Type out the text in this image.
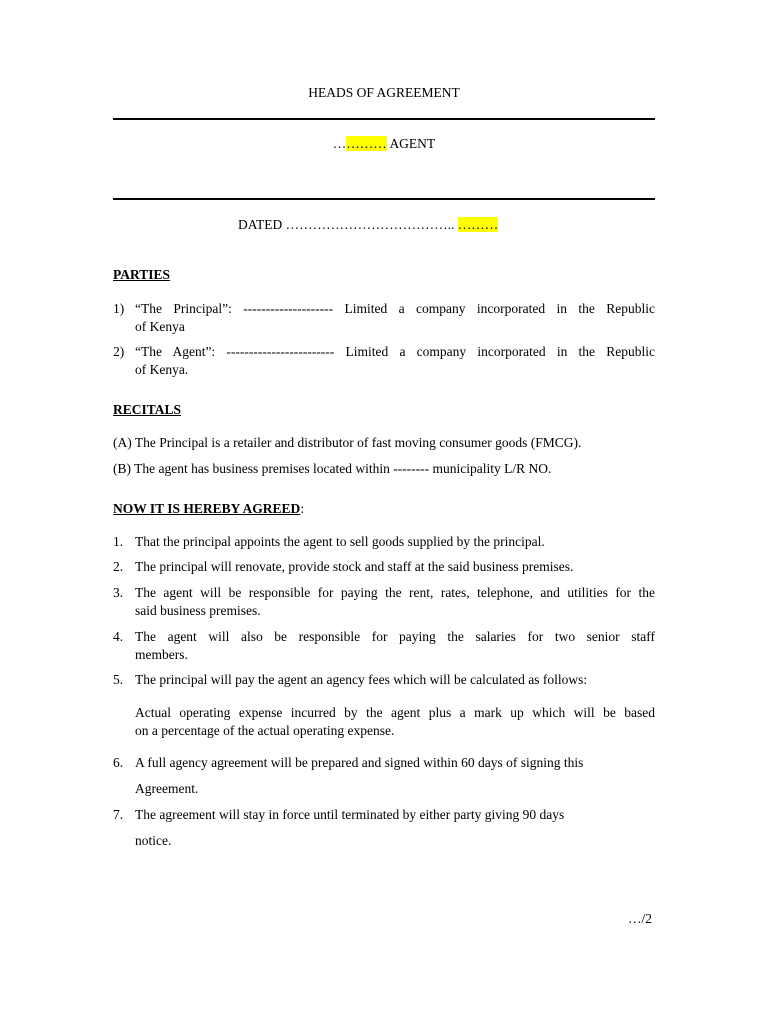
HEADS OF AGREEMENT
………… AGENT
DATED ……………………………….. ………
PARTIES
1) “The Principal”: -------------------- Limited a company incorporated in the Republic
of Kenya
2) “The Agent”: ------------------------ Limited a company incorporated in the Republic
of Kenya.
RECITALS
(A) The Principal is a retailer and distributor of fast moving consumer goods (FMCG).
(B) The agent has business premises located within -------- municipality L/R NO.
NOW IT IS HEREBY AGREED:
1. That the principal appoints the agent to sell goods supplied by the principal.
2. The principal will renovate, provide stock and staff at the said business premises.
3. The agent will be responsible for paying the rent, rates, telephone, and utilities for the
said business premises.
4. The agent will also be responsible for paying the salaries for two senior staff
members.
5. The principal will pay the agent an agency fees which will be calculated as follows:
Actual operating expense incurred by the agent plus a mark up which will be based
on a percentage of the actual operating expense.
6. A full agency agreement will be prepared and signed within 60 days of signing this
Agreement.
7. The agreement will stay in force until terminated by either party giving 90 days
notice.
…/2
